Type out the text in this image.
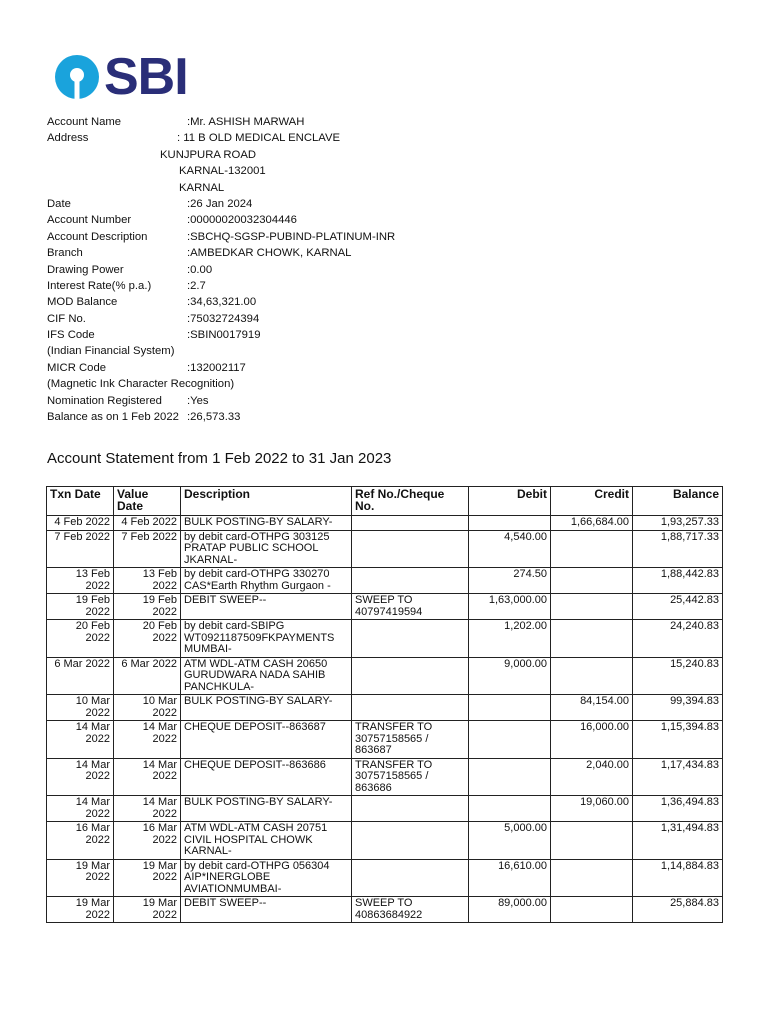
SBI
Account Name	:Mr. ASHISH MARWAH
Address	: 11 B OLD MEDICAL ENCLAVE
KUNJPURA ROAD
KARNAL-132001
KARNAL
Date	:26 Jan 2024
Account Number	:00000020032304446
Account Description	:SBCHQ-SGSP-PUBIND-PLATINUM-INR
Branch	:AMBEDKAR CHOWK, KARNAL
Drawing Power	:0.00
Interest Rate(% p.a.)	:2.7
MOD Balance	:34,63,321.00
CIF No.	:75032724394
IFS Code	:SBIN0017919
(Indian Financial System)
MICR Code	:132002117
(Magnetic Ink Character Recognition)
Nomination Registered :Yes
Balance as on 1 Feb 2022 :26,573.33
Account Statement from 1 Feb 2022 to 31 Jan 2023
Txn Date	Value Date	Description	Ref No./Cheque No.	Debit	Credit	Balance
4 Feb 2022	4 Feb 2022	BULK POSTING-BY SALARY-			1,66,684.00	1,93,257.33
7 Feb 2022	7 Feb 2022	by debit card-OTHPG 303125 PRATAP PUBLIC SCHOOL JKARNAL-		4,540.00		1,88,717.33
13 Feb 2022	13 Feb 2022	by debit card-OTHPG 330270 CAS*Earth Rhythm Gurgaon -		274.50		1,88,442.83
19 Feb 2022	19 Feb 2022	DEBIT SWEEP--	SWEEP TO 40797419594	1,63,000.00		25,442.83
20 Feb 2022	20 Feb 2022	by debit card-SBIPG WT0921187509FKPAYMENTS MUMBAI-		1,202.00		24,240.83
6 Mar 2022	6 Mar 2022	ATM WDL-ATM CASH 20650 GURUDWARA NADA SAHIB PANCHKULA-		9,000.00		15,240.83
10 Mar 2022	10 Mar 2022	BULK POSTING-BY SALARY-			84,154.00	99,394.83
14 Mar 2022	14 Mar 2022	CHEQUE DEPOSIT--863687	TRANSFER TO 30757158565 / 863687		16,000.00	1,15,394.83
14 Mar 2022	14 Mar 2022	CHEQUE DEPOSIT--863686	TRANSFER TO 30757158565 / 863686		2,040.00	1,17,434.83
14 Mar 2022	14 Mar 2022	BULK POSTING-BY SALARY-			19,060.00	1,36,494.83
16 Mar 2022	16 Mar 2022	ATM WDL-ATM CASH 20751 CIVIL HOSPITAL CHOWK KARNAL-		5,000.00		1,31,494.83
19 Mar 2022	19 Mar 2022	by debit card-OTHPG 056304 AIP*INERGLOBE AVIATIONMUMBAI-		16,610.00		1,14,884.83
19 Mar 2022	19 Mar 2022	DEBIT SWEEP--	SWEEP TO 40863684922	89,000.00		25,884.83
